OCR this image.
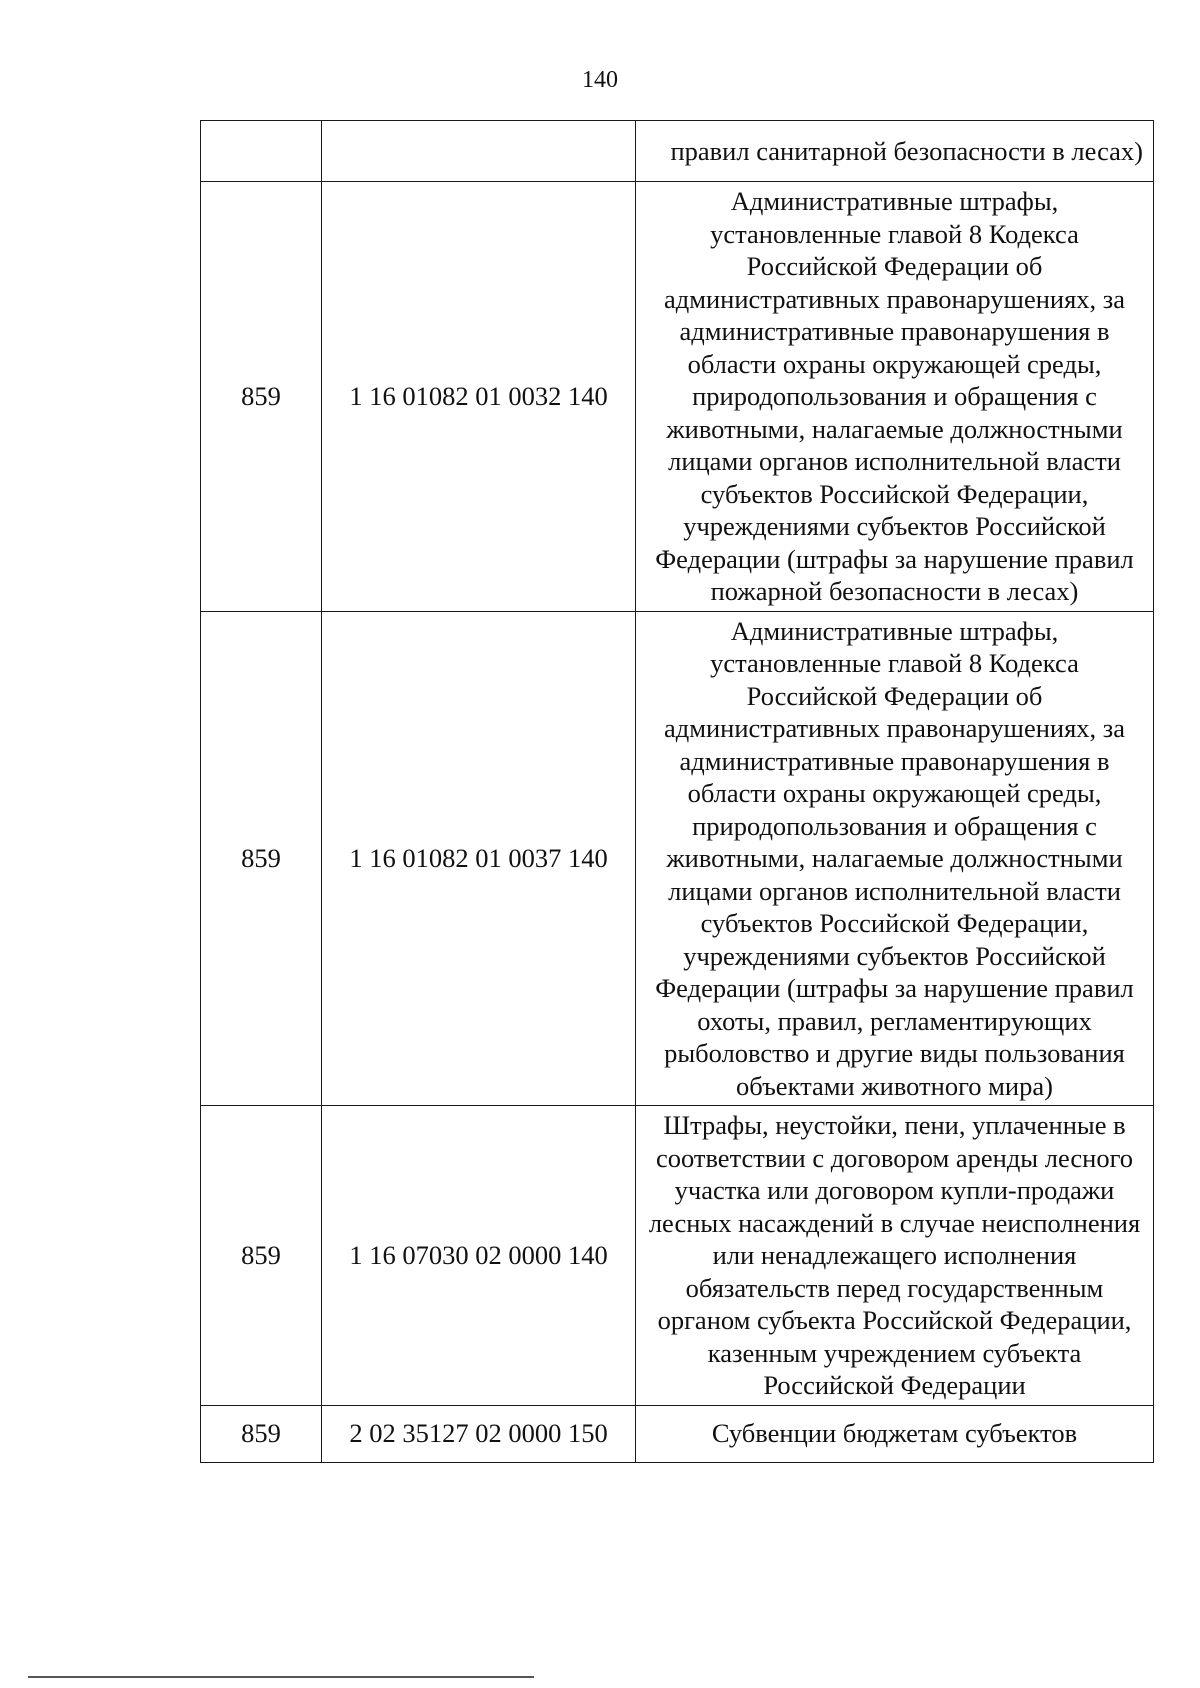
140

		правил санитарной безопасности в лесах)

859	1 16 01082 01 0032 140	Административные штрафы, установленные главой 8 Кодекса Российской Федерации об административных правонарушениях, за административные правонарушения в области охраны окружающей среды, природопользования и обращения с животными, налагаемые должностными лицами органов исполнительной власти субъектов Российской Федерации, учреждениями субъектов Российской Федерации (штрафы за нарушение правил пожарной безопасности в лесах)

859	1 16 01082 01 0037 140	Административные штрафы, установленные главой 8 Кодекса Российской Федерации об административных правонарушениях, за административные правонарушения в области охраны окружающей среды, природопользования и обращения с животными, налагаемые должностными лицами органов исполнительной власти субъектов Российской Федерации, учреждениями субъектов Российской Федерации (штрафы за нарушение правил охоты, правил, регламентирующих рыболовство и другие виды пользования объектами животного мира)

859	1 16 07030 02 0000 140	Штрафы, неустойки, пени, уплаченные в соответствии с договором аренды лесного участка или договором купли-продажи лесных насаждений в случае неисполнения или ненадлежащего исполнения обязательств перед государственным органом субъекта Российской Федерации, казенным учреждением субъекта Российской Федерации

859	2 02 35127 02 0000 150	Субвенции бюджетам субъектов
